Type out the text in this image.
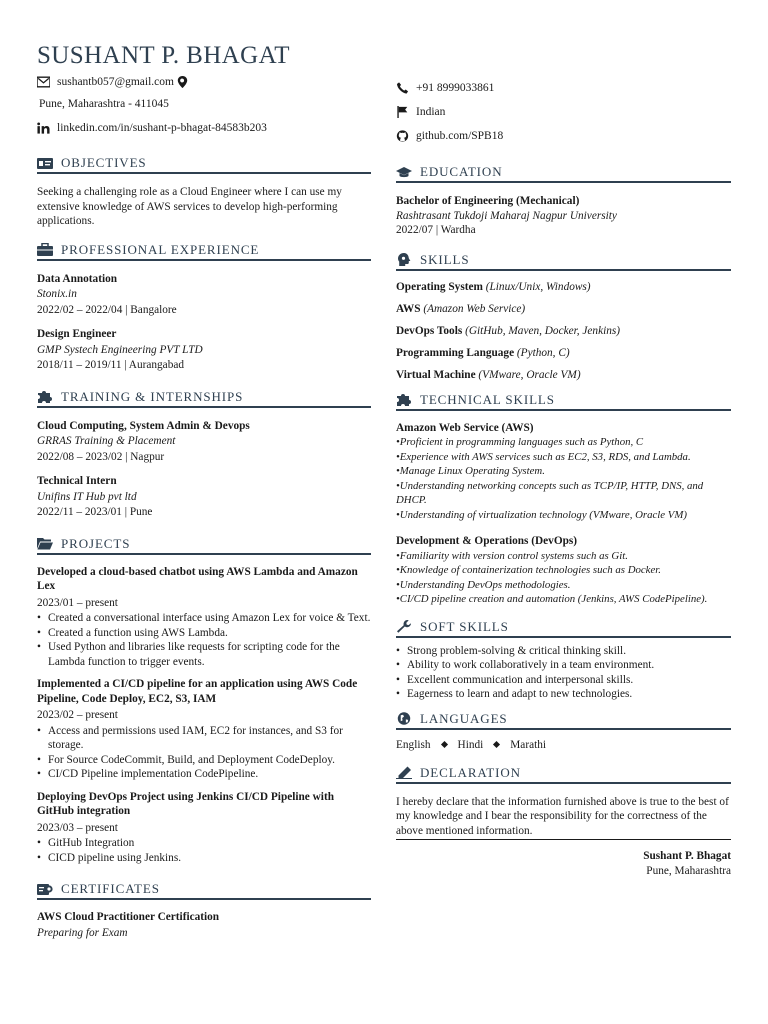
SUSHANT P. BHAGAT
sushantb057@gmail.com
Pune, Maharashtra - 411045
linkedin.com/in/sushant-p-bhagat-84583b203
+91 8999033861
Indian
github.com/SPB18
OBJECTIVES

Seeking a challenging role as a Cloud Engineer where I can use my extensive knowledge of AWS services to develop high-performing applications.

PROFESSIONAL EXPERIENCE
Data Annotation
Stonix.in
2022/02 – 2022/04 | Bangalore
Design Engineer
GMP Systech Engineering PVT LTD
2018/11 – 2019/11 | Aurangabad
TRAINING & INTERNSHIPS
Cloud Computing, System Admin & Devops
GRRAS Training & Placement
2022/08 – 2023/02 | Nagpur
Technical Intern
Unifins IT Hub pvt ltd
2022/11 – 2023/01 | Pune
PROJECTS
Developed a cloud-based chatbot using AWS Lambda and Amazon Lex
2023/01 – present
• Created a conversational interface using Amazon Lex for voice & Text.
• Created a function using AWS Lambda.
• Used Python and libraries like requests for scripting code for the Lambda function to trigger events.
Implemented a CI/CD pipeline for an application using AWS Code Pipeline, Code Deploy, EC2, S3, IAM
2023/02 – present
• Access and permissions used IAM, EC2 for instances, and S3 for storage.
• For Source CodeCommit, Build, and Deployment CodeDeploy.
• CI/CD Pipeline implementation CodePipeline.
Deploying DevOps Project using Jenkins CI/CD Pipeline with GitHub integration
2023/03 – present
• GitHub Integration
• CICD pipeline using Jenkins.
CERTIFICATES
AWS Cloud Practitioner Certification
Preparing for Exam
EDUCATION
Bachelor of Engineering (Mechanical)
Rashtrasant Tukdoji Maharaj Nagpur University
2022/07 | Wardha
SKILLS
Operating System (Linux/Unix, Windows)
AWS (Amazon Web Service)
DevOps Tools (GitHub, Maven, Docker, Jenkins)
Programming Language (Python, C)
Virtual Machine (VMware, Oracle VM)
TECHNICAL SKILLS
Amazon Web Service (AWS)
•Proficient in programming languages such as Python, C
•Experience with AWS services such as EC2, S3, RDS, and Lambda.
•Manage Linux Operating System.
•Understanding networking concepts such as TCP/IP, HTTP, DNS, and DHCP.
•Understanding of virtualization technology (VMware, Oracle VM)
Development & Operations (DevOps)
•Familiarity with version control systems such as Git.
•Knowledge of containerization technologies such as Docker.
•Understanding DevOps methodologies.
•CI/CD pipeline creation and automation (Jenkins, AWS CodePipeline).
SOFT SKILLS
• Strong problem-solving & critical thinking skill.
• Ability to work collaboratively in a team environment.
• Excellent communication and interpersonal skills.
• Eagerness to learn and adapt to new technologies.
LANGUAGES
English Hindi Marathi
DECLARATION

I hereby declare that the information furnished above is true to the best of my knowledge and I bear the responsibility for the correctness of the above mentioned information.

Sushant P. Bhagat
Pune, Maharashtra
